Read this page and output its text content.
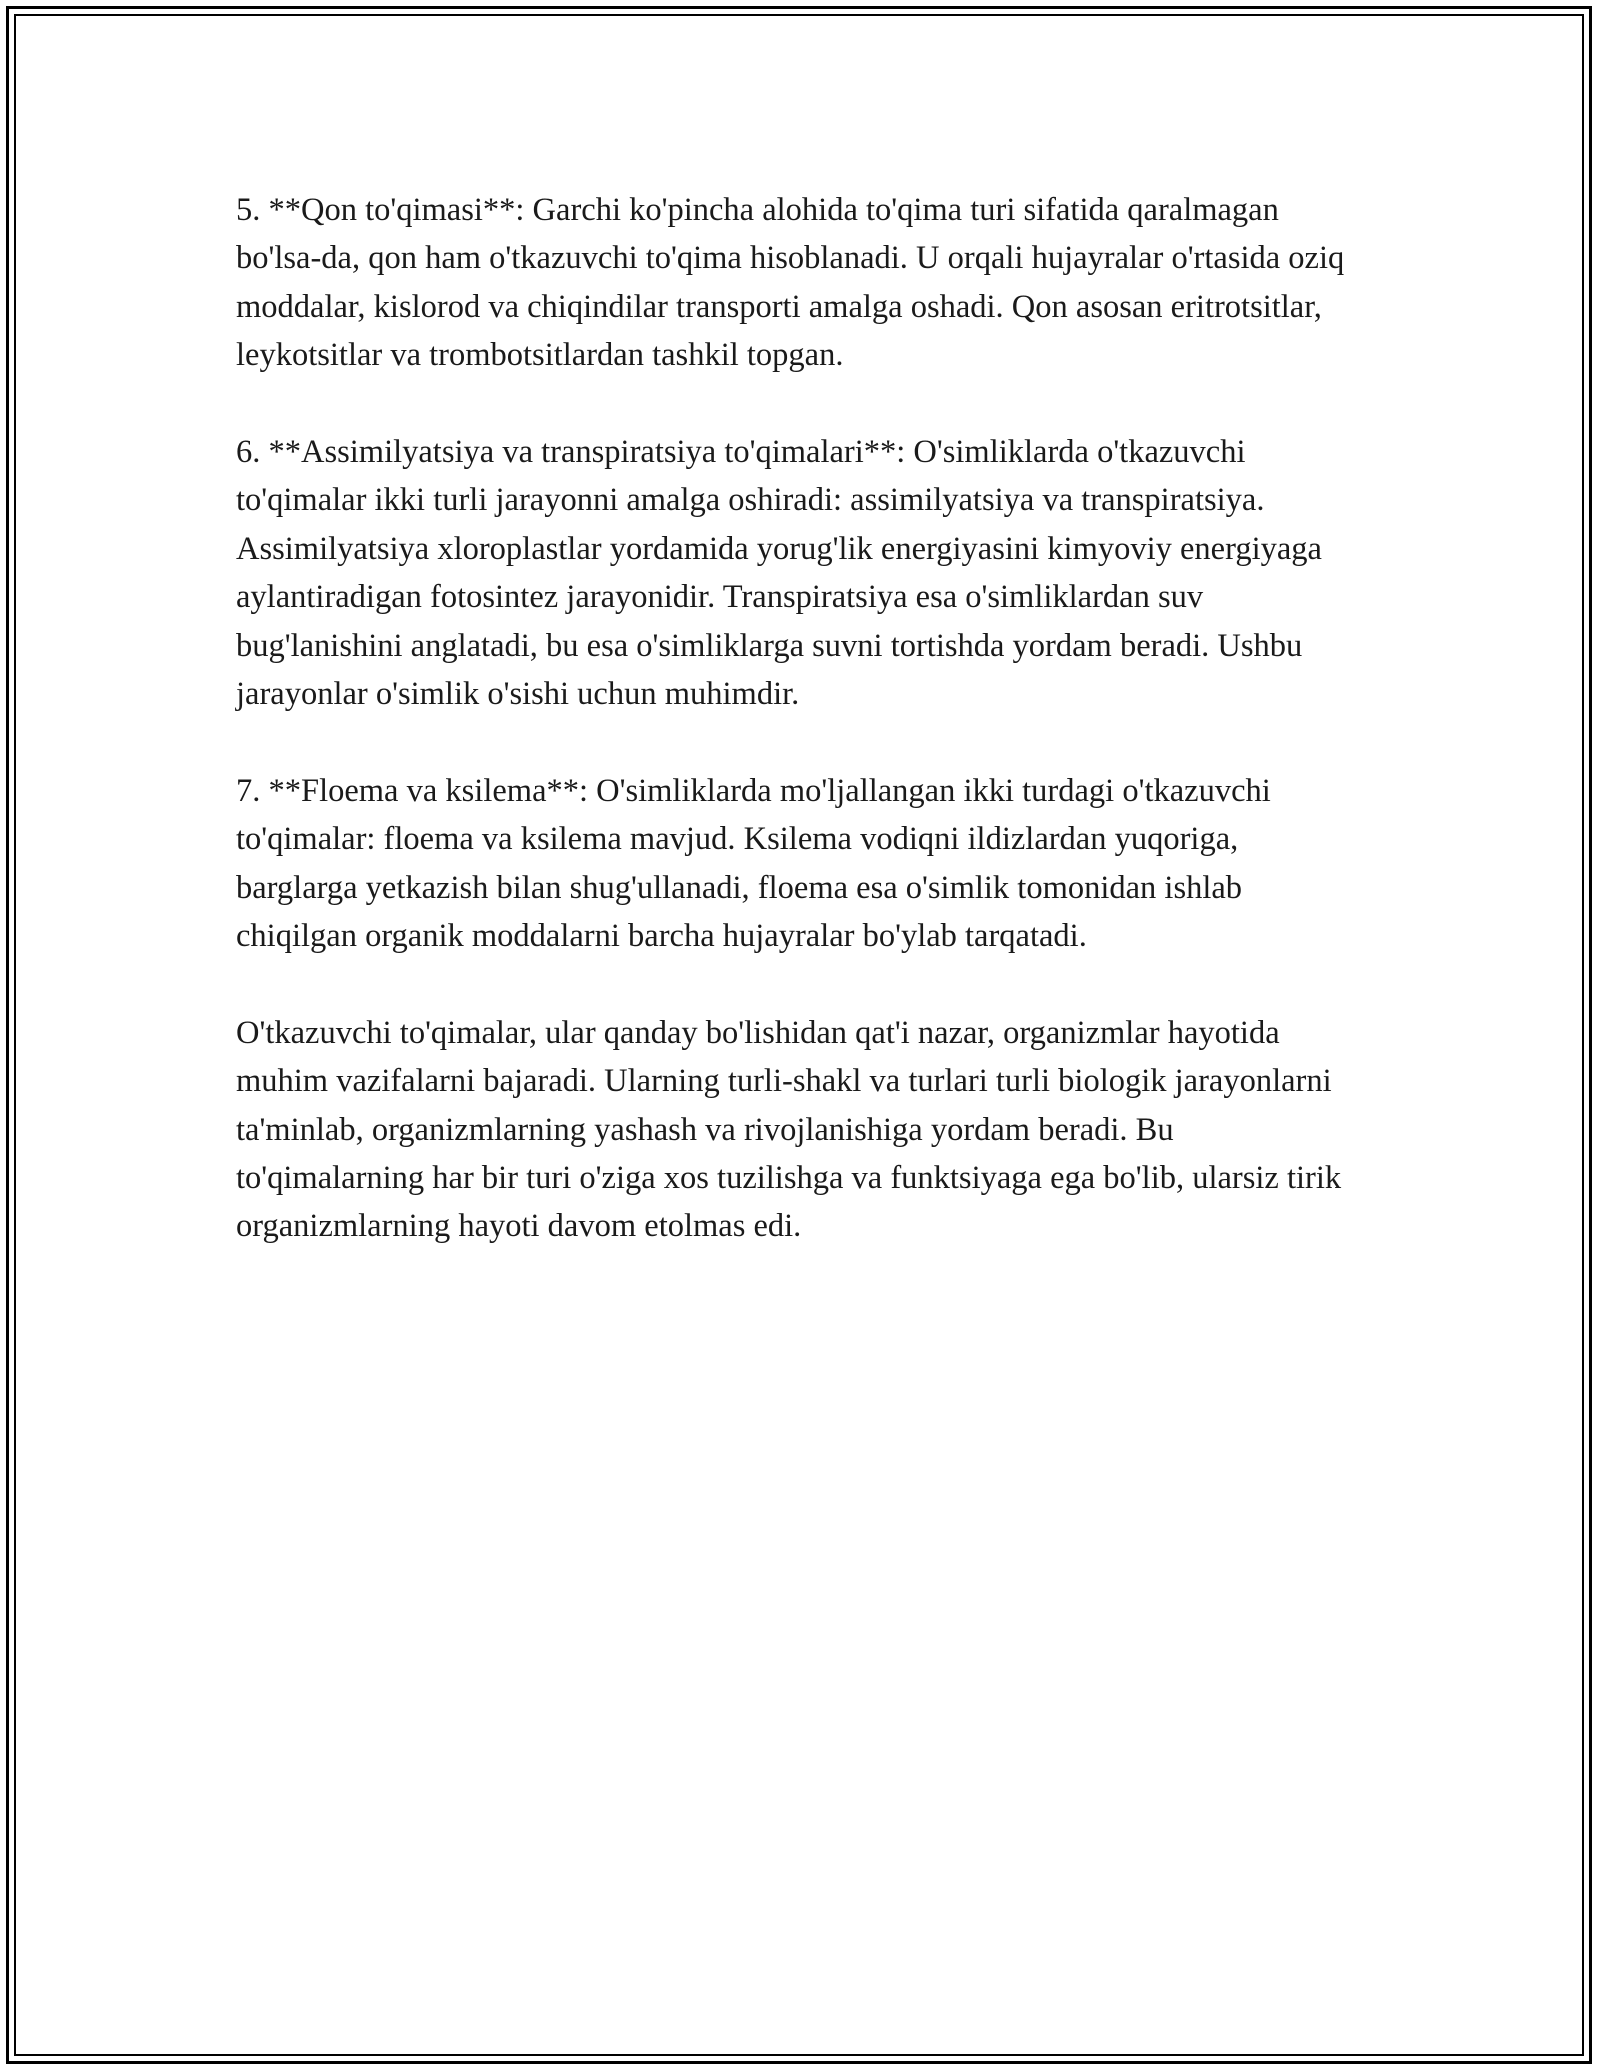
5. **Qon to'qimasi**: Garchi ko'pincha alohida to'qima turi sifatida qaralmagan bo'lsa-da, qon ham o'tkazuvchi to'qima hisoblanadi. U orqali hujayralar o'rtasida oziq moddalar, kislorod va chiqindilar transporti amalga oshadi. Qon asosan eritrotsitlar, leykotsitlar va trombotsitlardan tashkil topgan.

6. **Assimilyatsiya va transpiratsiya to'qimalari**: O'simliklarda o'tkazuvchi to'qimalar ikki turli jarayonni amalga oshiradi: assimilyatsiya va transpiratsiya. Assimilyatsiya xloroplastlar yordamida yorug'lik energiyasini kimyoviy energiyaga aylantiradigan fotosintez jarayonidir. Transpiratsiya esa o'simliklardan suv bug'lanishini anglatadi, bu esa o'simliklarga suvni tortishda yordam beradi. Ushbu jarayonlar o'simlik o'sishi uchun muhimdir.

7. **Floema va ksilema**: O'simliklarda mo'ljallangan ikki turdagi o'tkazuvchi to'qimalar: floema va ksilema mavjud. Ksilema vodiqni ildizlardan yuqoriga, barglarga yetkazish bilan shug'ullanadi, floema esa o'simlik tomonidan ishlab chiqilgan organik moddalarni barcha hujayralar bo'ylab tarqatadi.

O'tkazuvchi to'qimalar, ular qanday bo'lishidan qat'i nazar, organizmlar hayotida muhim vazifalarni bajaradi. Ularning turli-shakl va turlari turli biologik jarayonlarni ta'minlab, organizmlarning yashash va rivojlanishiga yordam beradi. Bu to'qimalarning har bir turi o'ziga xos tuzilishga va funktsiyaga ega bo'lib, ularsiz tirik organizmlarning hayoti davom etolmas edi.
